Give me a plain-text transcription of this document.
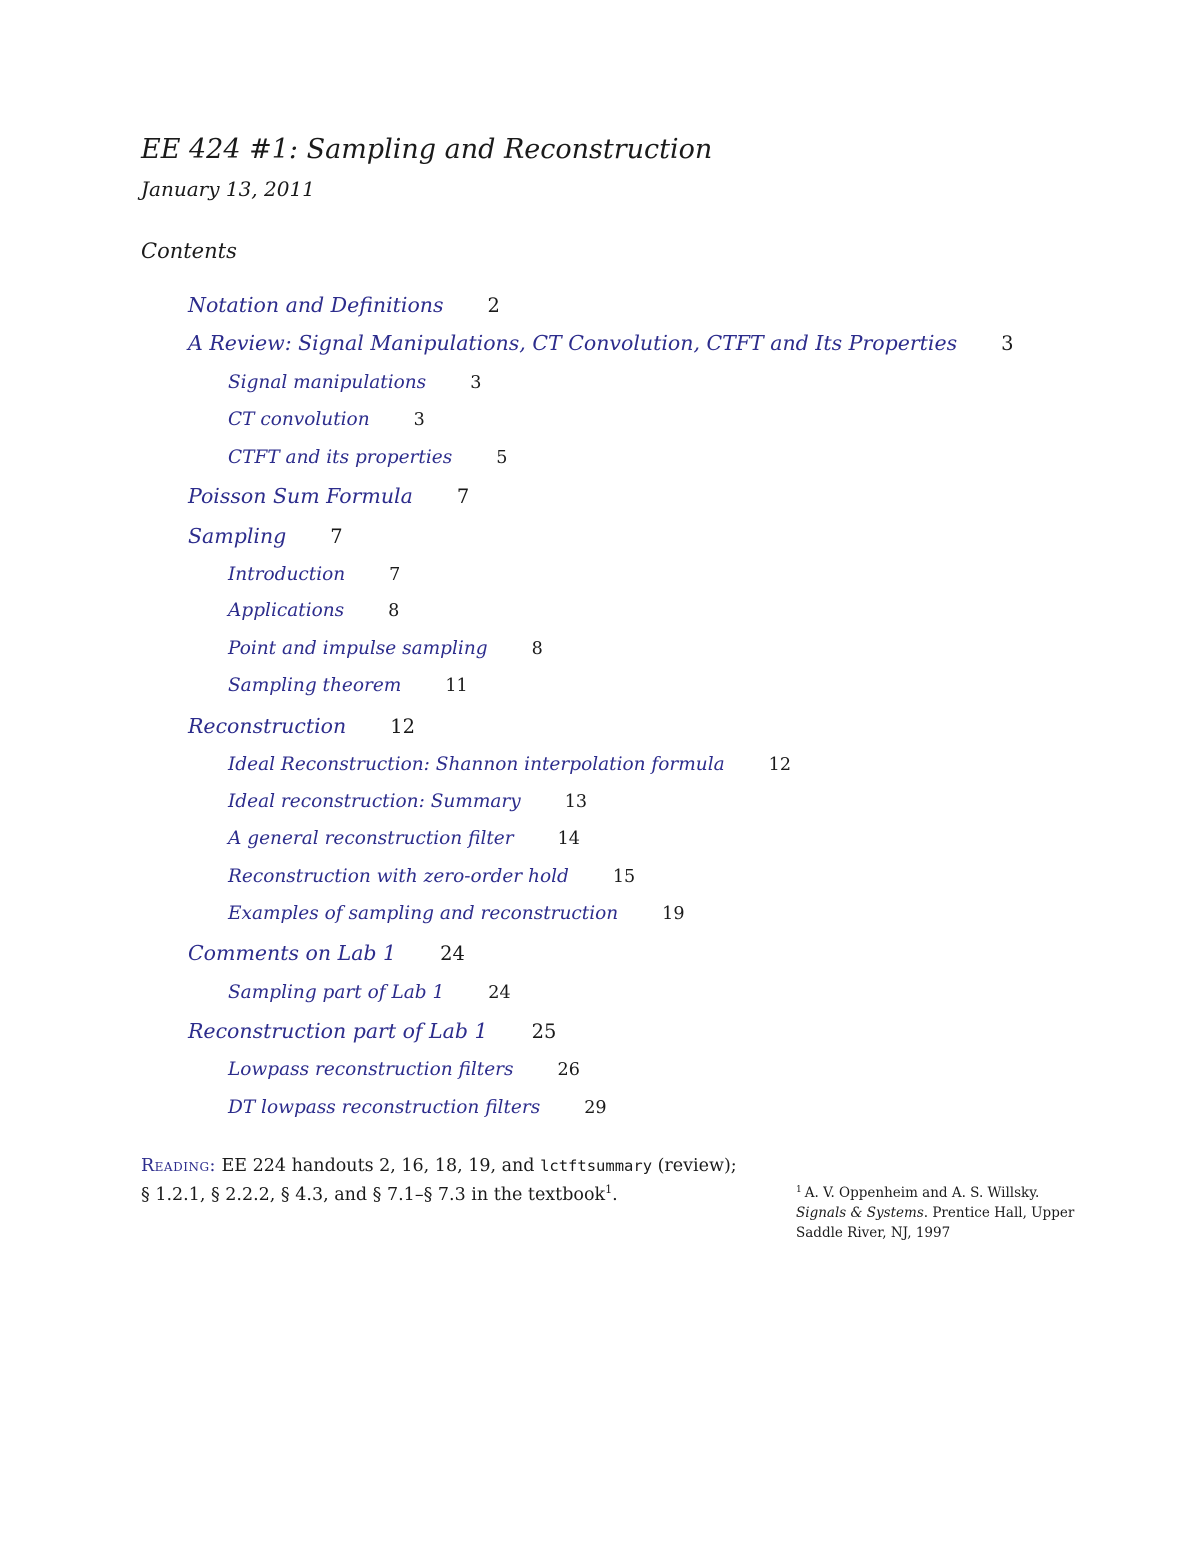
EE 424 #1: Sampling and Reconstruction
January 13, 2011
Contents
Notation and Definitions 2
A Review: Signal Manipulations, CT Convolution, CTFT and Its Properties 3
Signal manipulations	3
CT convolution	3
CTFT and its properties	5
Poisson Sum Formula 7
Sampling 7
Introduction	7
Applications	8
Point and impulse sampling	8
Sampling theorem	11
Reconstruction 12
Ideal Reconstruction: Shannon interpolation formula	12
Ideal reconstruction: Summary	13
A general reconstruction filter	14
Reconstruction with zero-order hold	15
Examples of sampling and reconstruction	19
Comments on Lab 1 24
Sampling part of Lab 1	24
Reconstruction part of Lab 1 25
Lowpass reconstruction filters	26
DT lowpass reconstruction filters	29
Reading: EE 224 handouts 2, 16, 18, 19, and lctftsummary (review);
§ 1.2.1, § 2.2.2, § 4.3, and § 7.1–§ 7.3 in the textbook$^1$.	$^1$ A. V. Oppenheim and A. S. Willsky.
Signals & Systems. Prentice Hall, Upper Saddle River, NJ, 1997
